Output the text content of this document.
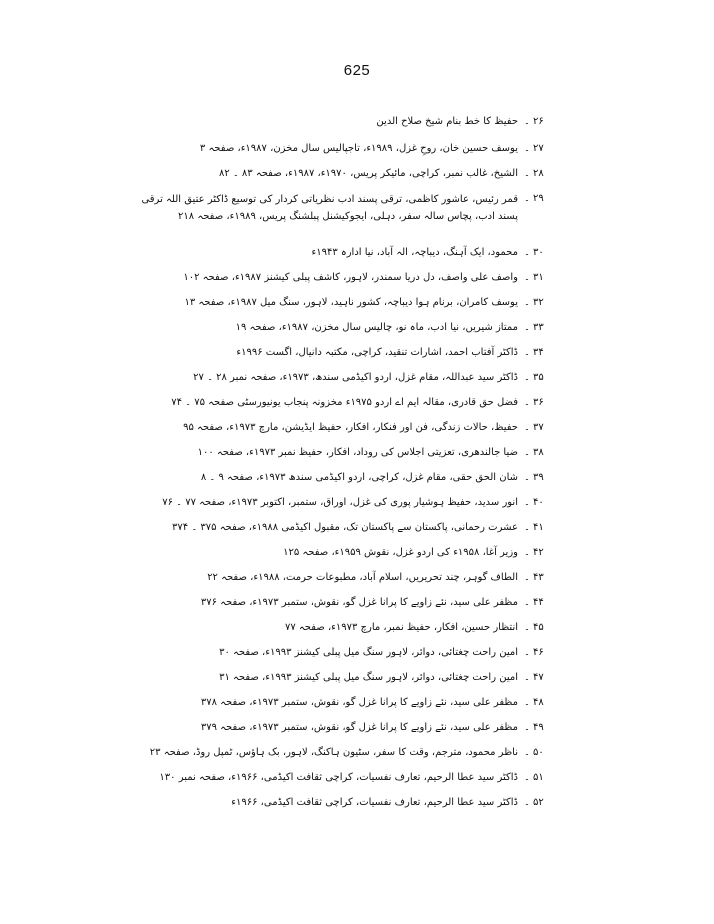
625
۲۶ ۔
حفیظ کا خط بنام شیخ صلاح الدین
۲۷ ۔
یوسف حسین خان، روحِ غزل، ۱۹۸۹ء، تاجپالیس سال مخزن، ۱۹۸۷ء، صفحہ ۳
۲۸ ۔
الشیخ، غالب نمبر، کراچی، مائیکر پریس، ۱۹۷۰ء، ۱۹۸۷ء، صفحہ ۸۳ ۔ ۸۲
۲۹ ۔
قمر رئیس، عاشور کاظمی، ترقی پسند ادب نظریاتی کردار کی توسیع ڈاکٹر عتیق اللہ ترقی پسند ادب، پچاس سالہ سفر، دہلی، ایجوکیشنل پبلشنگ پریس، ۱۹۸۹ء، صفحہ ۲۱۸
۳۰ ۔
محمود، ایک آہنگ، دیباچہ، الہ آباد، نیا ادارہ ۱۹۴۳ء
۳۱ ۔
واصف علی واصف، دل دریا سمندر، لاہور، کاشف پبلی کیشنز ۱۹۸۷ء، صفحہ ۱۰۲
۳۲ ۔
یوسف کامران، برنام ہوا دیباچہ، کشور ناہید، لاہور، سنگ میل ۱۹۸۷ء، صفحہ ۱۳
۳۳ ۔
ممتاز شیریں، نیا ادب، ماہ نو، چالیس سال مخزن، ۱۹۸۷ء، صفحہ ۱۹
۳۴ ۔
ڈاکٹر آفتاب احمد، اشارات تنقید، کراچی، مکتبہ دانیال، اگست ۱۹۹۶ء
۳۵ ۔
ڈاکٹر سید عبداللہ، مقام غزل، اردو اکیڈمی سندھ، ۱۹۷۳ء، صفحہ نمبر ۲۸ ۔ ۲۷
۳۶ ۔
فضل حق قادری، مقالہ ایم اے اردو ۱۹۷۵ء مخزونہ پنجاب یونیورسٹی صفحہ ۷۵ ۔ ۷۴
۳۷ ۔
حفیظ، حالات زندگی، فن اور فنکار، افکار، حفیظ ایڈیشن، مارچ ۱۹۷۳ء، صفحہ ۹۵
۳۸ ۔
ضیا جالندھری، تعزیتی اجلاس کی روداد، افکار، حفیظ نمبر ۱۹۷۳ء، صفحہ ۱۰۰
۳۹ ۔
شان الحق حقی، مقام غزل، کراچی، اردو اکیڈمی سندھ ۱۹۷۳ء، صفحہ ۹ ۔ ۸
۴۰ ۔
انور سدید، حفیظ ہوشیار پوری کی غزل، اوراق، ستمبر، اکتوبر ۱۹۷۳ء، صفحہ ۷۷ ۔ ۷۶
۴۱ ۔
عشرت رحمانی، پاکستان سے پاکستان تک، مقبول اکیڈمی ۱۹۸۸ء، صفحہ ۳۷۵ ۔ ۳۷۴
۴۲ ۔
وزیر آغا، ۱۹۵۸ء کی اردو غزل، نقوش ۱۹۵۹ء، صفحہ ۱۲۵
۴۳ ۔
الطاف گوہر، چند تحریریں، اسلام آباد، مطبوعات حرمت، ۱۹۸۸ء، صفحہ ۲۲
۴۴ ۔
مظفر علی سید، نئے زاویے کا پرانا غزل گو، نقوش، ستمبر ۱۹۷۳ء، صفحہ ۳۷۶
۴۵ ۔
انتظار حسین، افکار، حفیظ نمبر، مارچ ۱۹۷۳ء، صفحہ ۷۷
۴۶ ۔
امین راحت چغتائی، دوائر، لاہور سنگ میل پبلی کیشنز ۱۹۹۳ء، صفحہ ۳۰
۴۷ ۔
امین راحت چغتائی، دوائر، لاہور سنگ میل پبلی کیشنز ۱۹۹۳ء، صفحہ ۳۱
۴۸ ۔
مظفر علی سید، نئے زاویے کا پرانا غزل گو، نقوش، ستمبر ۱۹۷۳ء، صفحہ ۳۷۸
۴۹ ۔
مظفر علی سید، نئے زاویے کا پرانا غزل گو، نقوش، ستمبر ۱۹۷۳ء، صفحہ ۳۷۹
۵۰ ۔
ناظر محمود، مترجم، وقت کا سفر، سٹیون ہاکنگ، لاہور، بک ہاؤس، ٹمپل روڈ، صفحہ ۲۳
۵۱ ۔
ڈاکٹر سید عطا الرحیم، تعارف نفسیات، کراچی ثقافت اکیڈمی، ۱۹۶۶ء، صفحہ نمبر ۱۳۰
۵۲ ۔
ڈاکٹر سید عطا الرحیم، تعارف نفسیات، کراچی ثقافت اکیڈمی، ۱۹۶۶ء
